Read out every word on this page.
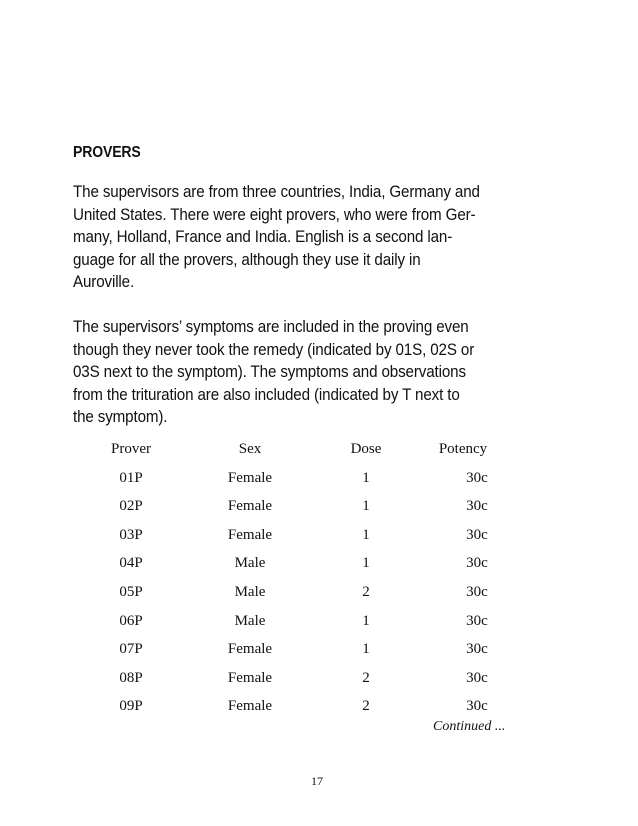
PROVERS
The supervisors are from three countries, India, Germany and
United States. There were eight provers, who were from Ger-
many, Holland, France and India. English is a second lan-
guage for all the provers, although they use it daily in
Auroville.
The supervisors’ symptoms are included in the proving even
though they never took the remedy (indicated by 01S, 02S or
03S next to the symptom). The symptoms and observations
from the trituration are also included (indicated by T next to
the symptom).
Prover	Sex	Dose	Potency
01P	Female	1	30c
02P	Female	1	30c
03P	Female	1	30c
04P	Male	1	30c
05P	Male	2	30c
06P	Male	1	30c
07P	Female	1	30c
08P	Female	2	30c
09P	Female	2	30c
Continued ...
17
